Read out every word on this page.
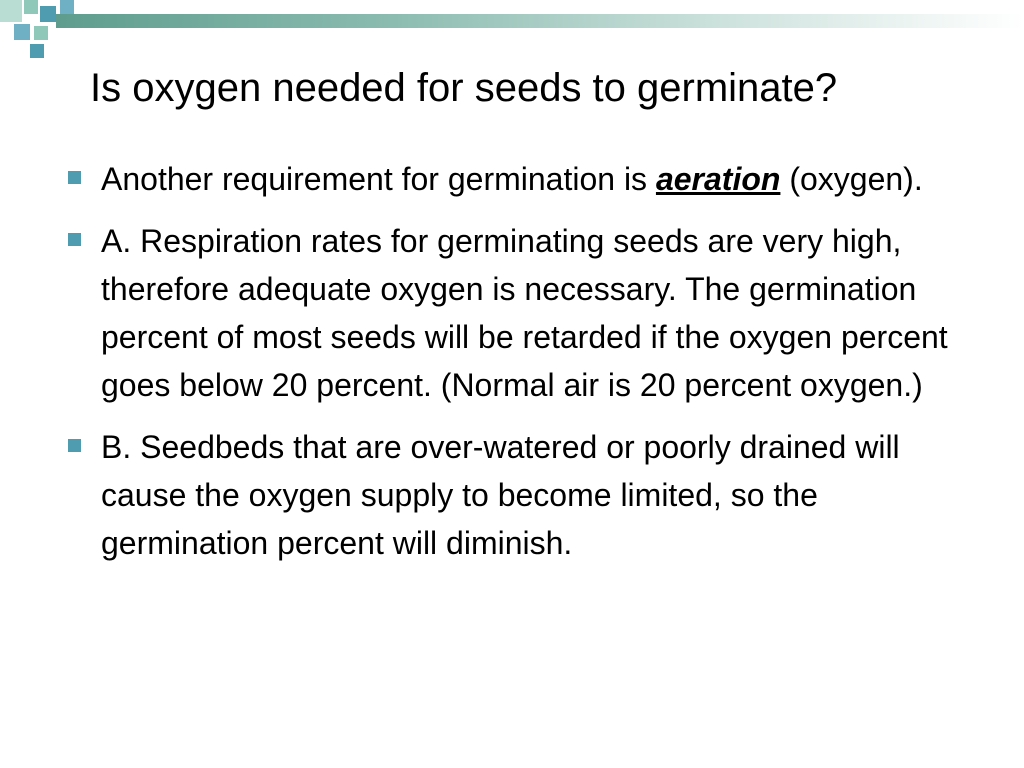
Is oxygen needed for seeds to germinate?
Another requirement for germination is aeration (oxygen).
A. Respiration rates for germinating seeds are very high, therefore adequate oxygen is necessary. The germination percent of most seeds will be retarded if the oxygen percent goes below 20 percent. (Normal air is 20 percent oxygen.)
B. Seedbeds that are over-watered or poorly drained will cause the oxygen supply to become limited, so the germination percent will diminish.
